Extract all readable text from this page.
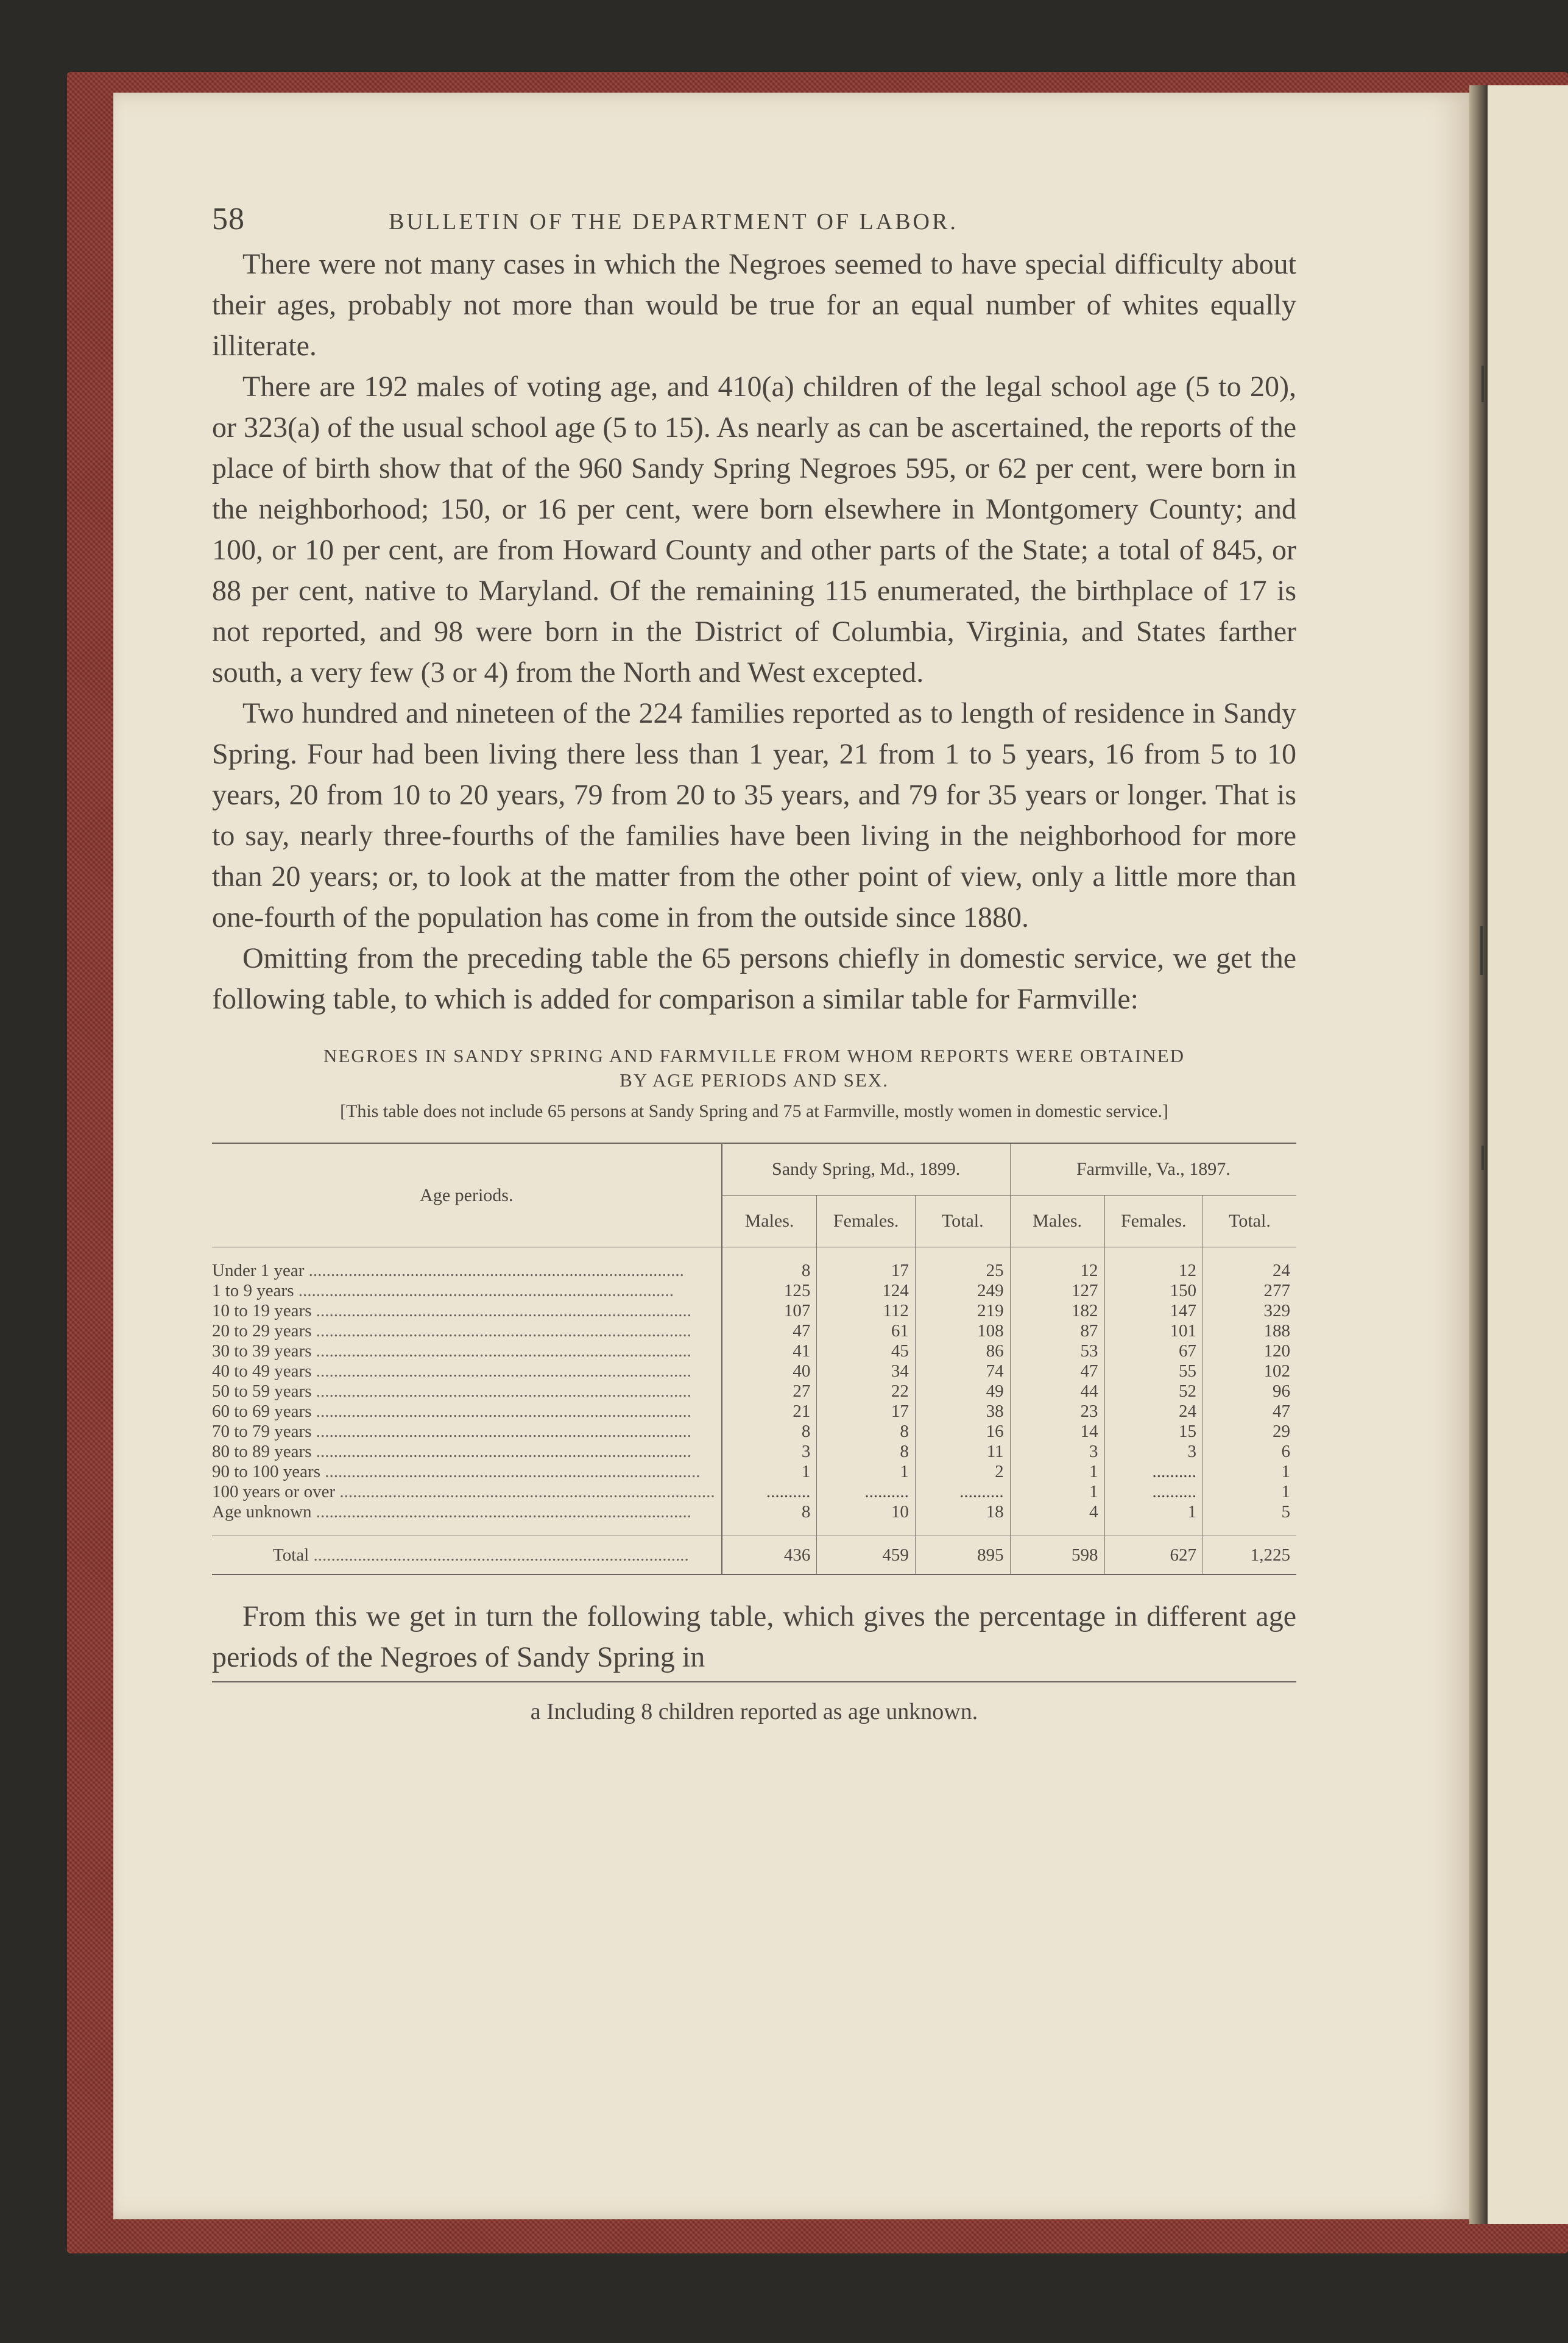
58	BULLETIN OF THE DEPARTMENT OF LABOR.

There were not many cases in which the Negroes seemed to have special difficulty about their ages, probably not more than would be true for an equal number of whites equally illiterate.

There are 192 males of voting age, and 410(a) children of the legal school age (5 to 20), or 323(a) of the usual school age (5 to 15). As nearly as can be ascertained, the reports of the place of birth show that of the 960 Sandy Spring Negroes 595, or 62 per cent, were born in the neighborhood; 150, or 16 per cent, were born elsewhere in Montgomery County; and 100, or 10 per cent, are from Howard County and other parts of the State; a total of 845, or 88 per cent, native to Maryland. Of the remaining 115 enumerated, the birthplace of 17 is not reported, and 98 were born in the District of Columbia, Virginia, and States farther south, a very few (3 or 4) from the North and West excepted.

Two hundred and nineteen of the 224 families reported as to length of residence in Sandy Spring. Four had been living there less than 1 year, 21 from 1 to 5 years, 16 from 5 to 10 years, 20 from 10 to 20 years, 79 from 20 to 35 years, and 79 for 35 years or longer. That is to say, nearly three-fourths of the families have been living in the neighborhood for more than 20 years; or, to look at the matter from the other point of view, only a little more than one-fourth of the population has come in from the outside since 1880.

Omitting from the preceding table the 65 persons chiefly in domestic service, we get the following table, to which is added for comparison a similar table for Farmville:

NEGROES IN SANDY SPRING AND FARMVILLE FROM WHOM REPORTS WERE OBTAINED
BY AGE PERIODS AND SEX.
[This table does not include 65 persons at Sandy Spring and 75 at Farmville, mostly women in domestic service.]
Age periods.	Sandy Spring, Md., 1899.			Farmville, Va., 1897.		
	Males.	Females.	Total.	Males.	Females.	Total.

Under 1 year .....	8	17	25	12	12	24
1 to 9 years .....	125	124	249	127	150	277
10 to 19 years .....	107	112	219	182	147	329
20 to 29 years .....	47	61	108	87	101	188
30 to 39 years .....	41	45	86	53	67	120
40 to 49 years .....	40	34	74	47	55	102
50 to 59 years .....	27	22	49	44	52	96
60 to 69 years .....	21	17	38	23	24	47
70 to 79 years .....	8	8	16	14	15	29
80 to 89 years .....	3	8	11	3	3	6
90 to 100 years .....	1	1	2	1	..........	1
100 years or over .....	..........	..........	..........	1	..........	1
Age unknown .....	8	10	18	4	1	5

Total .....	436	459	895	598	627	1,225

From this we get in turn the following table, which gives the percentage in different age periods of the Negroes of Sandy Spring in

a Including 8 children reported as age unknown.
